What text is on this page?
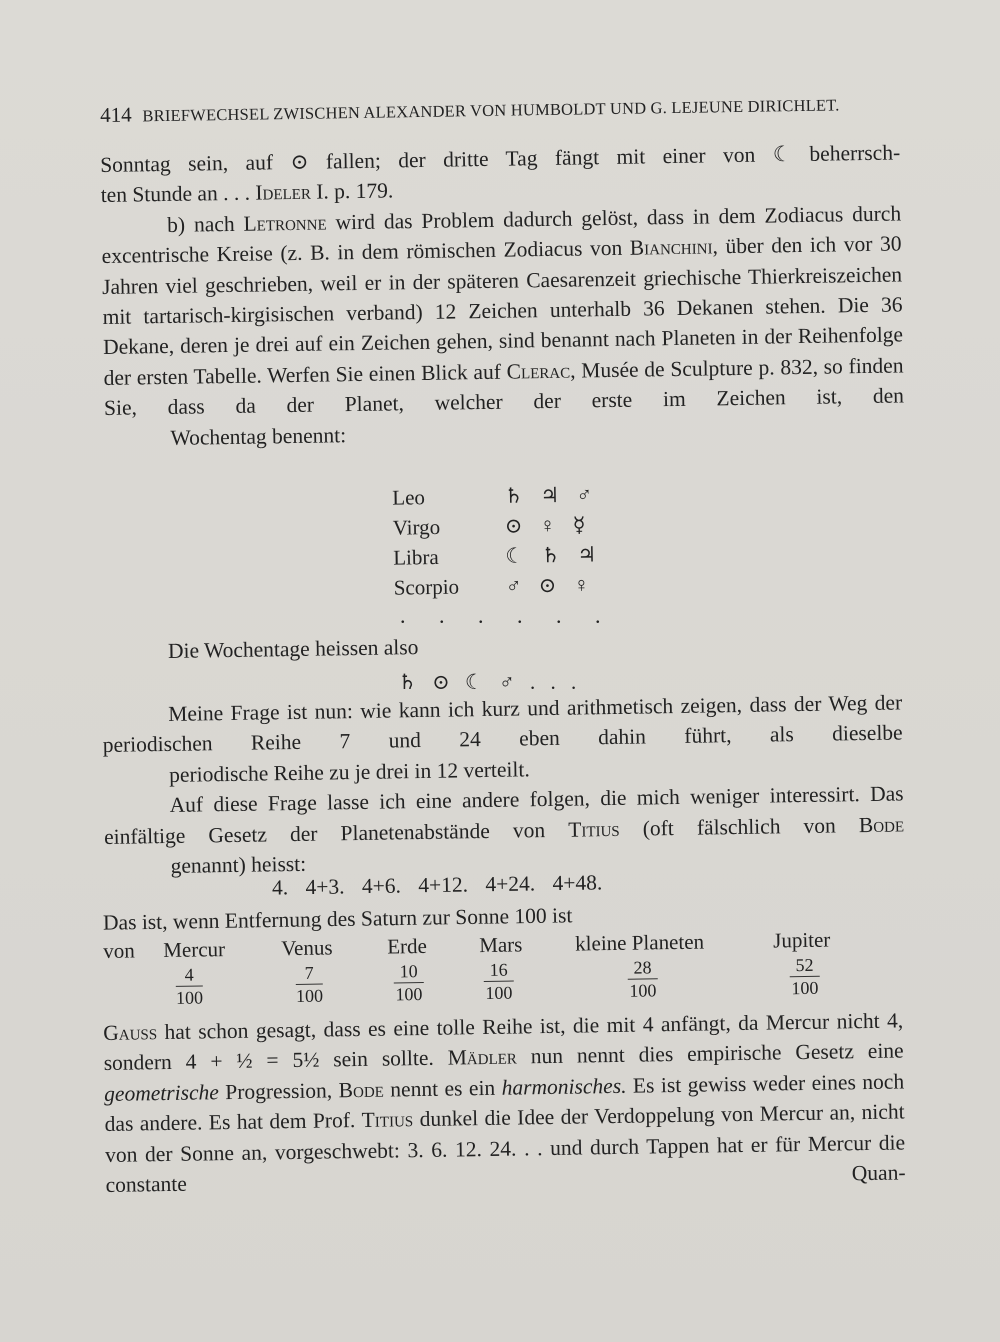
414 BRIEFWECHSEL ZWISCHEN ALEXANDER VON HUMBOLDT UND G. LEJEUNE DIRICHLET.

Sonntag sein, auf ⊙ fallen; der dritte Tag fängt mit einer von ☾ beherrsch-

ten Stunde an . . . Ideler I. p. 179.

b) nach Letronne wird das Problem dadurch gelöst, dass in dem Zodiacus durch excentrische Kreise (z. B. in dem römischen Zodiacus von Bianchini, über den ich vor 30 Jahren viel geschrieben, weil er in der späteren Caesarenzeit griechische Thierkreiszeichen mit tartarisch-kirgisischen verband) 12 Zeichen unterhalb 36 Dekanen stehen. Die 36 Dekane, deren je drei auf ein Zeichen gehen, sind benannt nach Planeten in der Reihenfolge der ersten Tabelle. Werfen Sie einen Blick auf Clerac, Musée de Sculpture p. 832, so finden Sie, dass da der Planet, welcher der erste im Zeichen ist, den
Wochentag benennt:

Leo	♄ ♃ ♂
Virgo	⊙ ♀ ☿
Libra	☾ ♄ ♃
Scorpio	♂ ⊙ ♀
. . . . . .
Die Wochentage heissen also
♄ ⊙ ☾ ♂ . . .

Meine Frage ist nun: wie kann ich kurz und arithmetisch zeigen, dass der Weg der periodischen Reihe 7 und 24 eben dahin führt, als dieselbe
periodische Reihe zu je drei in 12 verteilt.

Auf diese Frage lasse ich eine andere folgen, die mich weniger interessirt. Das einfältige Gesetz der Planetenabstände von Titius (oft fälschlich von Bode
genannt) heisst:

4. 4+3. 4+6. 4+12. 4+24. 4+48.
Das ist, wenn Entfernung des Saturn zur Sonne 100 ist
von Mercur	Venus	Erde Mars kleine Planeten	Jupiter
$\frac{4}{100}$	$\frac{7}{100}$	$\frac{10}{100}$	$\frac{16}{100}$	$\frac{28}{100}$	$\frac{52}{100}$

Gauss hat schon gesagt, dass es eine tolle Reihe ist, die mit 4 anfängt, da Mercur nicht 4, sondern 4 + ½ = 5½ sein sollte. Mädler nun nennt dies empirische Gesetz eine geometrische Progression, Bode nennt es ein harmonisches. Es ist gewiss weder eines noch das andere. Es hat dem Prof. Titius dunkel die Idee der Verdoppelung von Mercur an, nicht von der Sonne an, vorgeschwebt: 3. 6. 12. 24. . . und durch Tappen hat er für Mercur die constante Quan-
